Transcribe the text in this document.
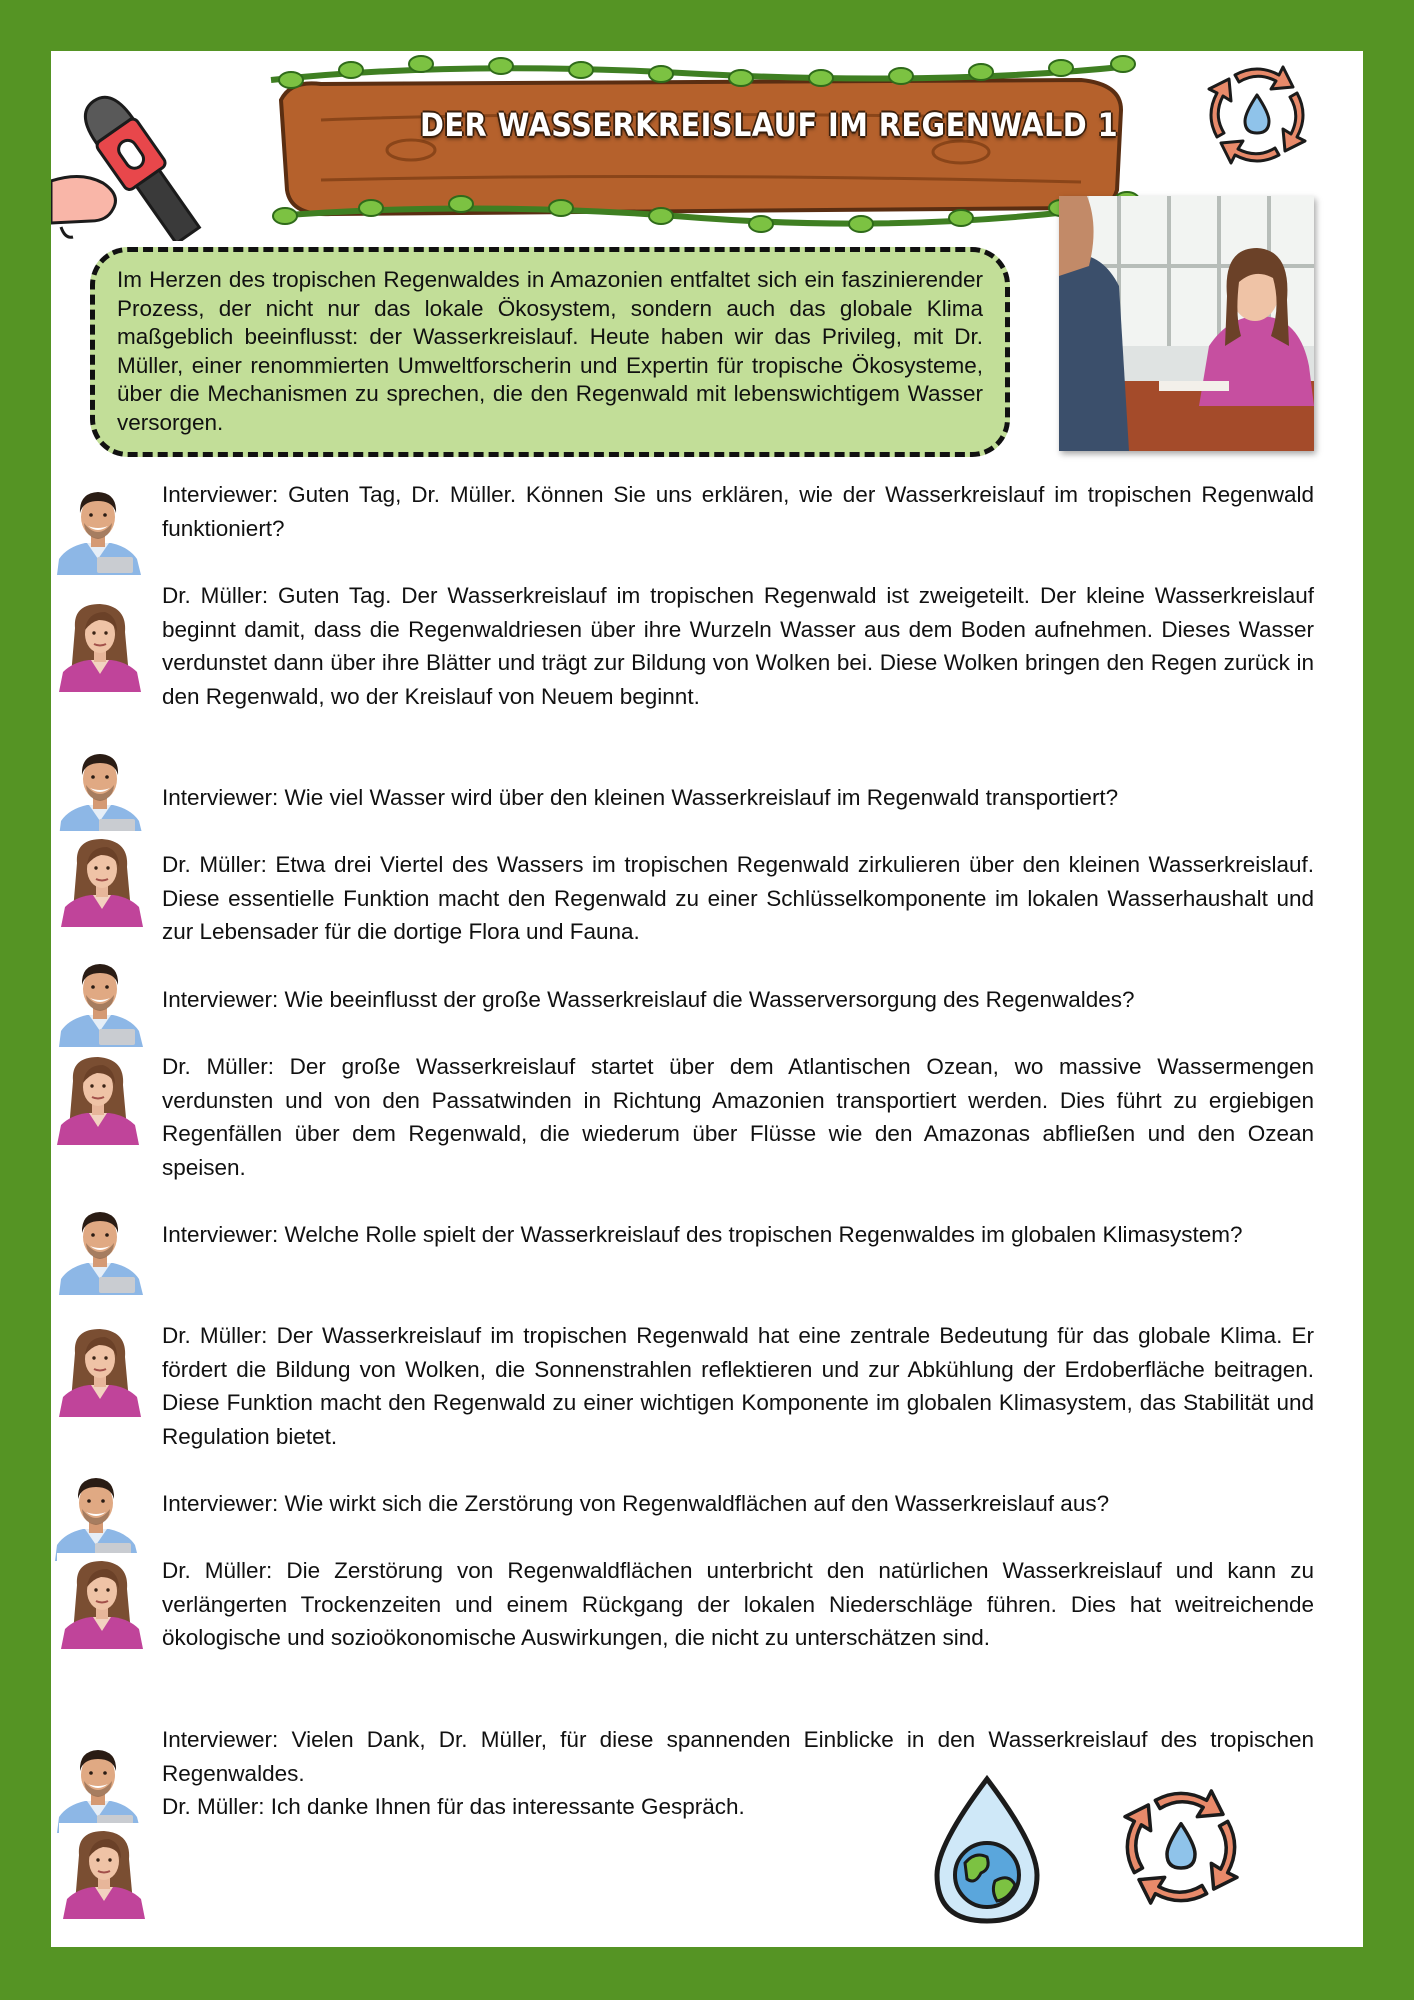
DER WASSERKREISLAUF IM REGENWALD 1

Im Herzen des tropischen Regenwaldes in Amazonien entfaltet sich ein faszinierender Prozess, der nicht nur das lokale Ökosystem, sondern auch das globale Klima maßgeblich beeinflusst: der Wasserkreislauf. Heute haben wir das Privileg, mit Dr. Müller, einer renommierten Umweltforscherin und Expertin für tropische Ökosysteme, über die Mechanismen zu sprechen, die den Regenwald mit lebenswichtigem Wasser versorgen.

Interviewer: Guten Tag, Dr. Müller. Können Sie uns erklären, wie der Wasserkreislauf im tropischen Regenwald funktioniert?

Dr. Müller: Guten Tag. Der Wasserkreislauf im tropischen Regenwald ist zweigeteilt. Der kleine Wasserkreislauf beginnt damit, dass die Regenwaldriesen über ihre Wurzeln Wasser aus dem Boden aufnehmen. Dieses Wasser verdunstet dann über ihre Blätter und trägt zur Bildung von Wolken bei. Diese Wolken bringen den Regen zurück in den Regenwald, wo der Kreislauf von Neuem beginnt.

Interviewer: Wie viel Wasser wird über den kleinen Wasserkreislauf im Regenwald transportiert?

Dr. Müller: Etwa drei Viertel des Wassers im tropischen Regenwald zirkulieren über den kleinen Wasserkreislauf. Diese essentielle Funktion macht den Regenwald zu einer Schlüsselkomponente im lokalen Wasserhaushalt und zur Lebensader für die dortige Flora und Fauna.

Interviewer: Wie beeinflusst der große Wasserkreislauf die Wasserversorgung des Regenwaldes?

Dr. Müller: Der große Wasserkreislauf startet über dem Atlantischen Ozean, wo massive Wassermengen verdunsten und von den Passatwinden in Richtung Amazonien transportiert werden. Dies führt zu ergiebigen Regenfällen über dem Regenwald, die wiederum über Flüsse wie den Amazonas abfließen und den Ozean speisen.

Interviewer: Welche Rolle spielt der Wasserkreislauf des tropischen Regenwaldes im globalen Klimasystem?

Dr. Müller: Der Wasserkreislauf im tropischen Regenwald hat eine zentrale Bedeutung für das globale Klima. Er fördert die Bildung von Wolken, die Sonnenstrahlen reflektieren und zur Abkühlung der Erdoberfläche beitragen. Diese Funktion macht den Regenwald zu einer wichtigen Komponente im globalen Klimasystem, das Stabilität und Regulation bietet.

Interviewer: Wie wirkt sich die Zerstörung von Regenwaldflächen auf den Wasserkreislauf aus?

Dr. Müller: Die Zerstörung von Regenwaldflächen unterbricht den natürlichen Wasserkreislauf und kann zu verlängerten Trockenzeiten und einem Rückgang der lokalen Niederschläge führen. Dies hat weitreichende ökologische und sozioökonomische Auswirkungen, die nicht zu unterschätzen sind.

Interviewer: Vielen Dank, Dr. Müller, für diese spannenden Einblicke in den Wasserkreislauf des tropischen Regenwaldes.

Dr. Müller: Ich danke Ihnen für das interessante Gespräch.
